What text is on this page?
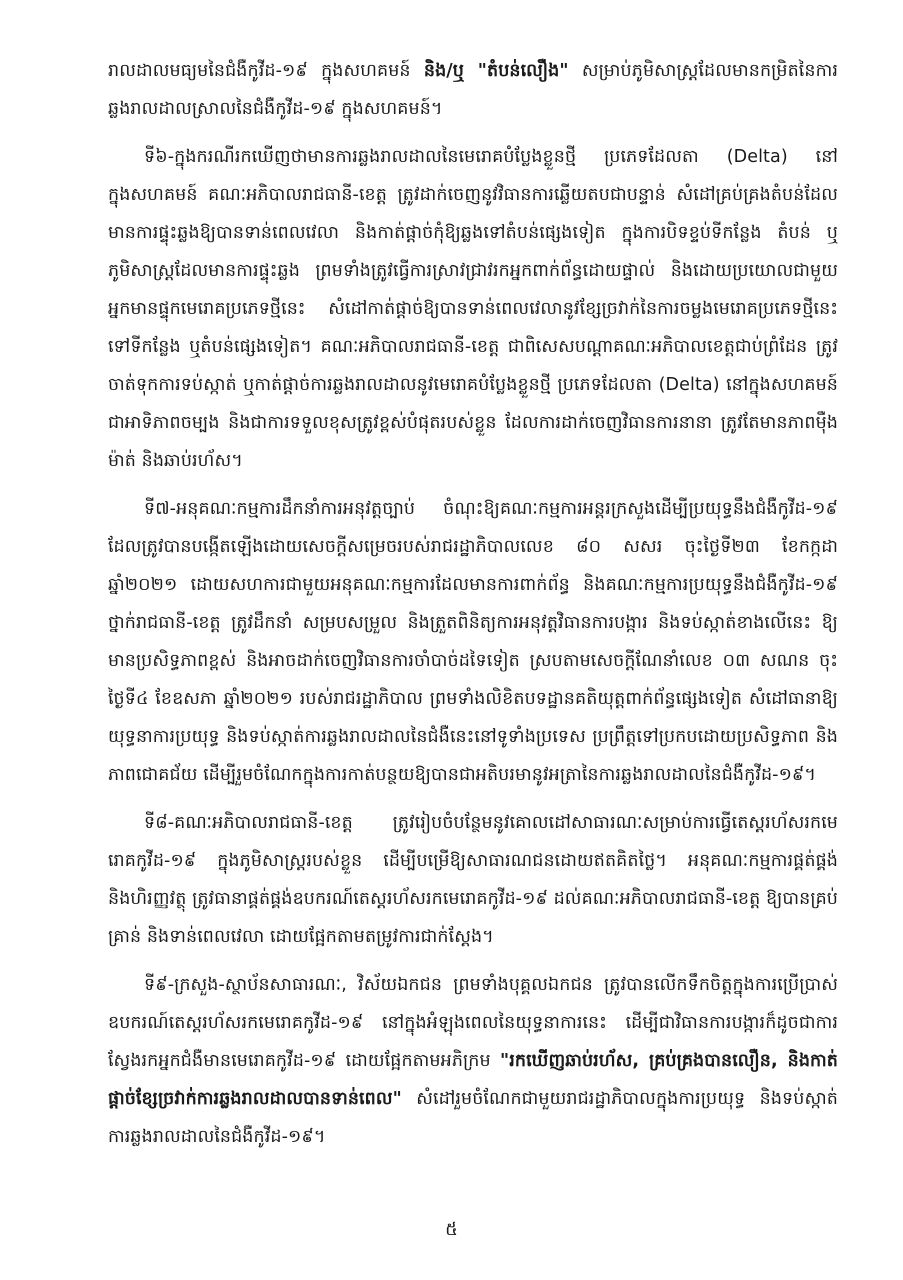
រាលដាលមធ្យមនៃជំងឺកូវីដ-១៩ ក្នុងសហគមន៍ និង/ឬ "តំបន់លឿង" សម្រាប់ភូមិសាស្ត្រដែលមានកម្រិតនៃការឆ្លងរាលដាលស្រាលនៃជំងឺកូវីដ-១៩ ក្នុងសហគមន៍។

ទី៦-ក្នុងករណីរកឃើញថាមានការឆ្លងរាលដាលនៃមេរោគបំប្លែងខ្លួនថ្មី ប្រភេទដែលតា (Delta) នៅក្នុងសហគមន៍ គណៈអភិបាលរាជធានី-ខេត្ត ត្រូវដាក់ចេញនូវវិធានការឆ្លើយតបជាបន្ទាន់ សំដៅគ្រប់គ្រងតំបន់ដែលមានការផ្ទុះឆ្លងឱ្យបានទាន់ពេលវេលា និងកាត់ផ្តាច់កុំឱ្យឆ្លងទៅតំបន់ផ្សេងទៀត ក្នុងការបិទខ្ទប់ទីកន្លែង តំបន់ ឬភូមិសាស្ត្រដែលមានការផ្ទុះឆ្លង ព្រមទាំងត្រូវធ្វើការស្រាវជ្រាវរកអ្នកពាក់ព័ន្ធដោយផ្ទាល់ និងដោយប្រយោលជាមួយអ្នកមានផ្ទុកមេរោគប្រភេទថ្មីនេះ សំដៅកាត់ផ្តាច់ឱ្យបានទាន់ពេលវេលានូវខ្សែច្រវាក់នៃការចម្លងមេរោគប្រភេទថ្មីនេះ ទៅទីកន្លែង ឬតំបន់ផ្សេងទៀត។ គណៈអភិបាលរាជធានី-ខេត្ត ជាពិសេសបណ្តាគណៈអភិបាលខេត្តជាប់ព្រំដែន ត្រូវចាត់ទុកការទប់ស្កាត់ ឬកាត់ផ្តាច់ការឆ្លងរាលដាលនូវមេរោគបំប្លែងខ្លួនថ្មី ប្រភេទដែលតា (Delta) នៅក្នុងសហគមន៍ ជាអាទិភាពចម្បង និងជាការទទួលខុសត្រូវខ្ពស់បំផុតរបស់ខ្លួន ដែលការដាក់ចេញវិធានការនានា ត្រូវតែមានភាពម៉ឺងម៉ាត់ និងឆាប់រហ័ស។

ទី៧-អនុគណៈកម្មការដឹកនាំការអនុវត្តច្បាប់ ចំណុះឱ្យគណៈកម្មការអន្តរក្រសួងដើម្បីប្រយុទ្ធនឹងជំងឺកូវីដ-១៩ ដែលត្រូវបានបង្កើតឡើងដោយសេចក្តីសម្រេចរបស់រាជរដ្ឋាភិបាលលេខ ៨០ សសរ ចុះថ្ងៃទី២៣ ខែកក្កដា ឆ្នាំ២០២១ ដោយសហការជាមួយអនុគណៈកម្មការដែលមានការពាក់ព័ន្ធ និងគណៈកម្មការប្រយុទ្ធនឹងជំងឺកូវីដ-១៩ ថ្នាក់រាជធានី-ខេត្ត ត្រូវដឹកនាំ សម្របសម្រួល និងត្រួតពិនិត្យការអនុវត្តវិធានការបង្ការ និងទប់ស្កាត់ខាងលើនេះ ឱ្យមានប្រសិទ្ធភាពខ្ពស់ និងអាចដាក់ចេញវិធានការចាំបាច់ដទៃទៀត ស្របតាមសេចក្តីណែនាំលេខ ០៣ សណន ចុះថ្ងៃទី៤ ខែឧសភា ឆ្នាំ២០២១ របស់រាជរដ្ឋាភិបាល ព្រមទាំងលិខិតបទដ្ឋានគតិយុត្តពាក់ព័ន្ធផ្សេងទៀត សំដៅធានាឱ្យយុទ្ធនាការប្រយុទ្ធ និងទប់ស្កាត់ការឆ្លងរាលដាលនៃជំងឺនេះនៅទូទាំងប្រទេស ប្រព្រឹត្តទៅប្រកបដោយប្រសិទ្ធភាព និងភាពជោគជ័យ ដើម្បីរួមចំណែកក្នុងការកាត់បន្ថយឱ្យបានជាអតិបរមានូវអត្រានៃការឆ្លងរាលដាលនៃជំងឺកូវីដ-១៩។

ទី៨-គណៈអភិបាលរាជធានី-ខេត្ត ត្រូវរៀបចំបន្ថែមនូវគោលដៅសាធារណៈសម្រាប់ការធ្វើតេស្តរហ័សរកមេរោគកូវីដ-១៩ ក្នុងភូមិសាស្ត្ររបស់ខ្លួន ដើម្បីបម្រើឱ្យសាធារណជនដោយឥតគិតថ្លៃ។ អនុគណៈកម្មការផ្គត់ផ្គង់ និងហិរញ្ញវត្ថុ ត្រូវធានាផ្គត់ផ្គង់ឧបករណ៍តេស្តរហ័សរកមេរោគកូវីដ-១៩ ដល់គណៈអភិបាលរាជធានី-ខេត្ត ឱ្យបានគ្រប់គ្រាន់ និងទាន់ពេលវេលា ដោយផ្អែកតាមតម្រូវការជាក់ស្តែង។

ទី៩-ក្រសួង-ស្ថាប័នសាធារណៈ, វិស័យឯកជន ព្រមទាំងបុគ្គលឯកជន ត្រូវបានលើកទឹកចិត្តក្នុងការប្រើប្រាស់ឧបករណ៍តេស្តរហ័សរកមេរោគកូវីដ-១៩ នៅក្នុងអំឡុងពេលនៃយុទ្ធនាការនេះ ដើម្បីជាវិធានការបង្ការក៏ដូចជាការស្វែងរកអ្នកជំងឺមានមេរោគកូវីដ-១៩ ដោយផ្អែកតាមអភិក្រម "រកឃើញឆាប់រហ័ស, គ្រប់គ្រងបានលឿន, និងកាត់ផ្តាច់ខ្សែច្រវាក់ការឆ្លងរាលដាលបានទាន់ពេល" សំដៅរួមចំណែកជាមួយរាជរដ្ឋាភិបាលក្នុងការប្រយុទ្ធ និងទប់ស្កាត់ការឆ្លងរាលដាលនៃជំងឺកូវីដ-១៩។

៥
